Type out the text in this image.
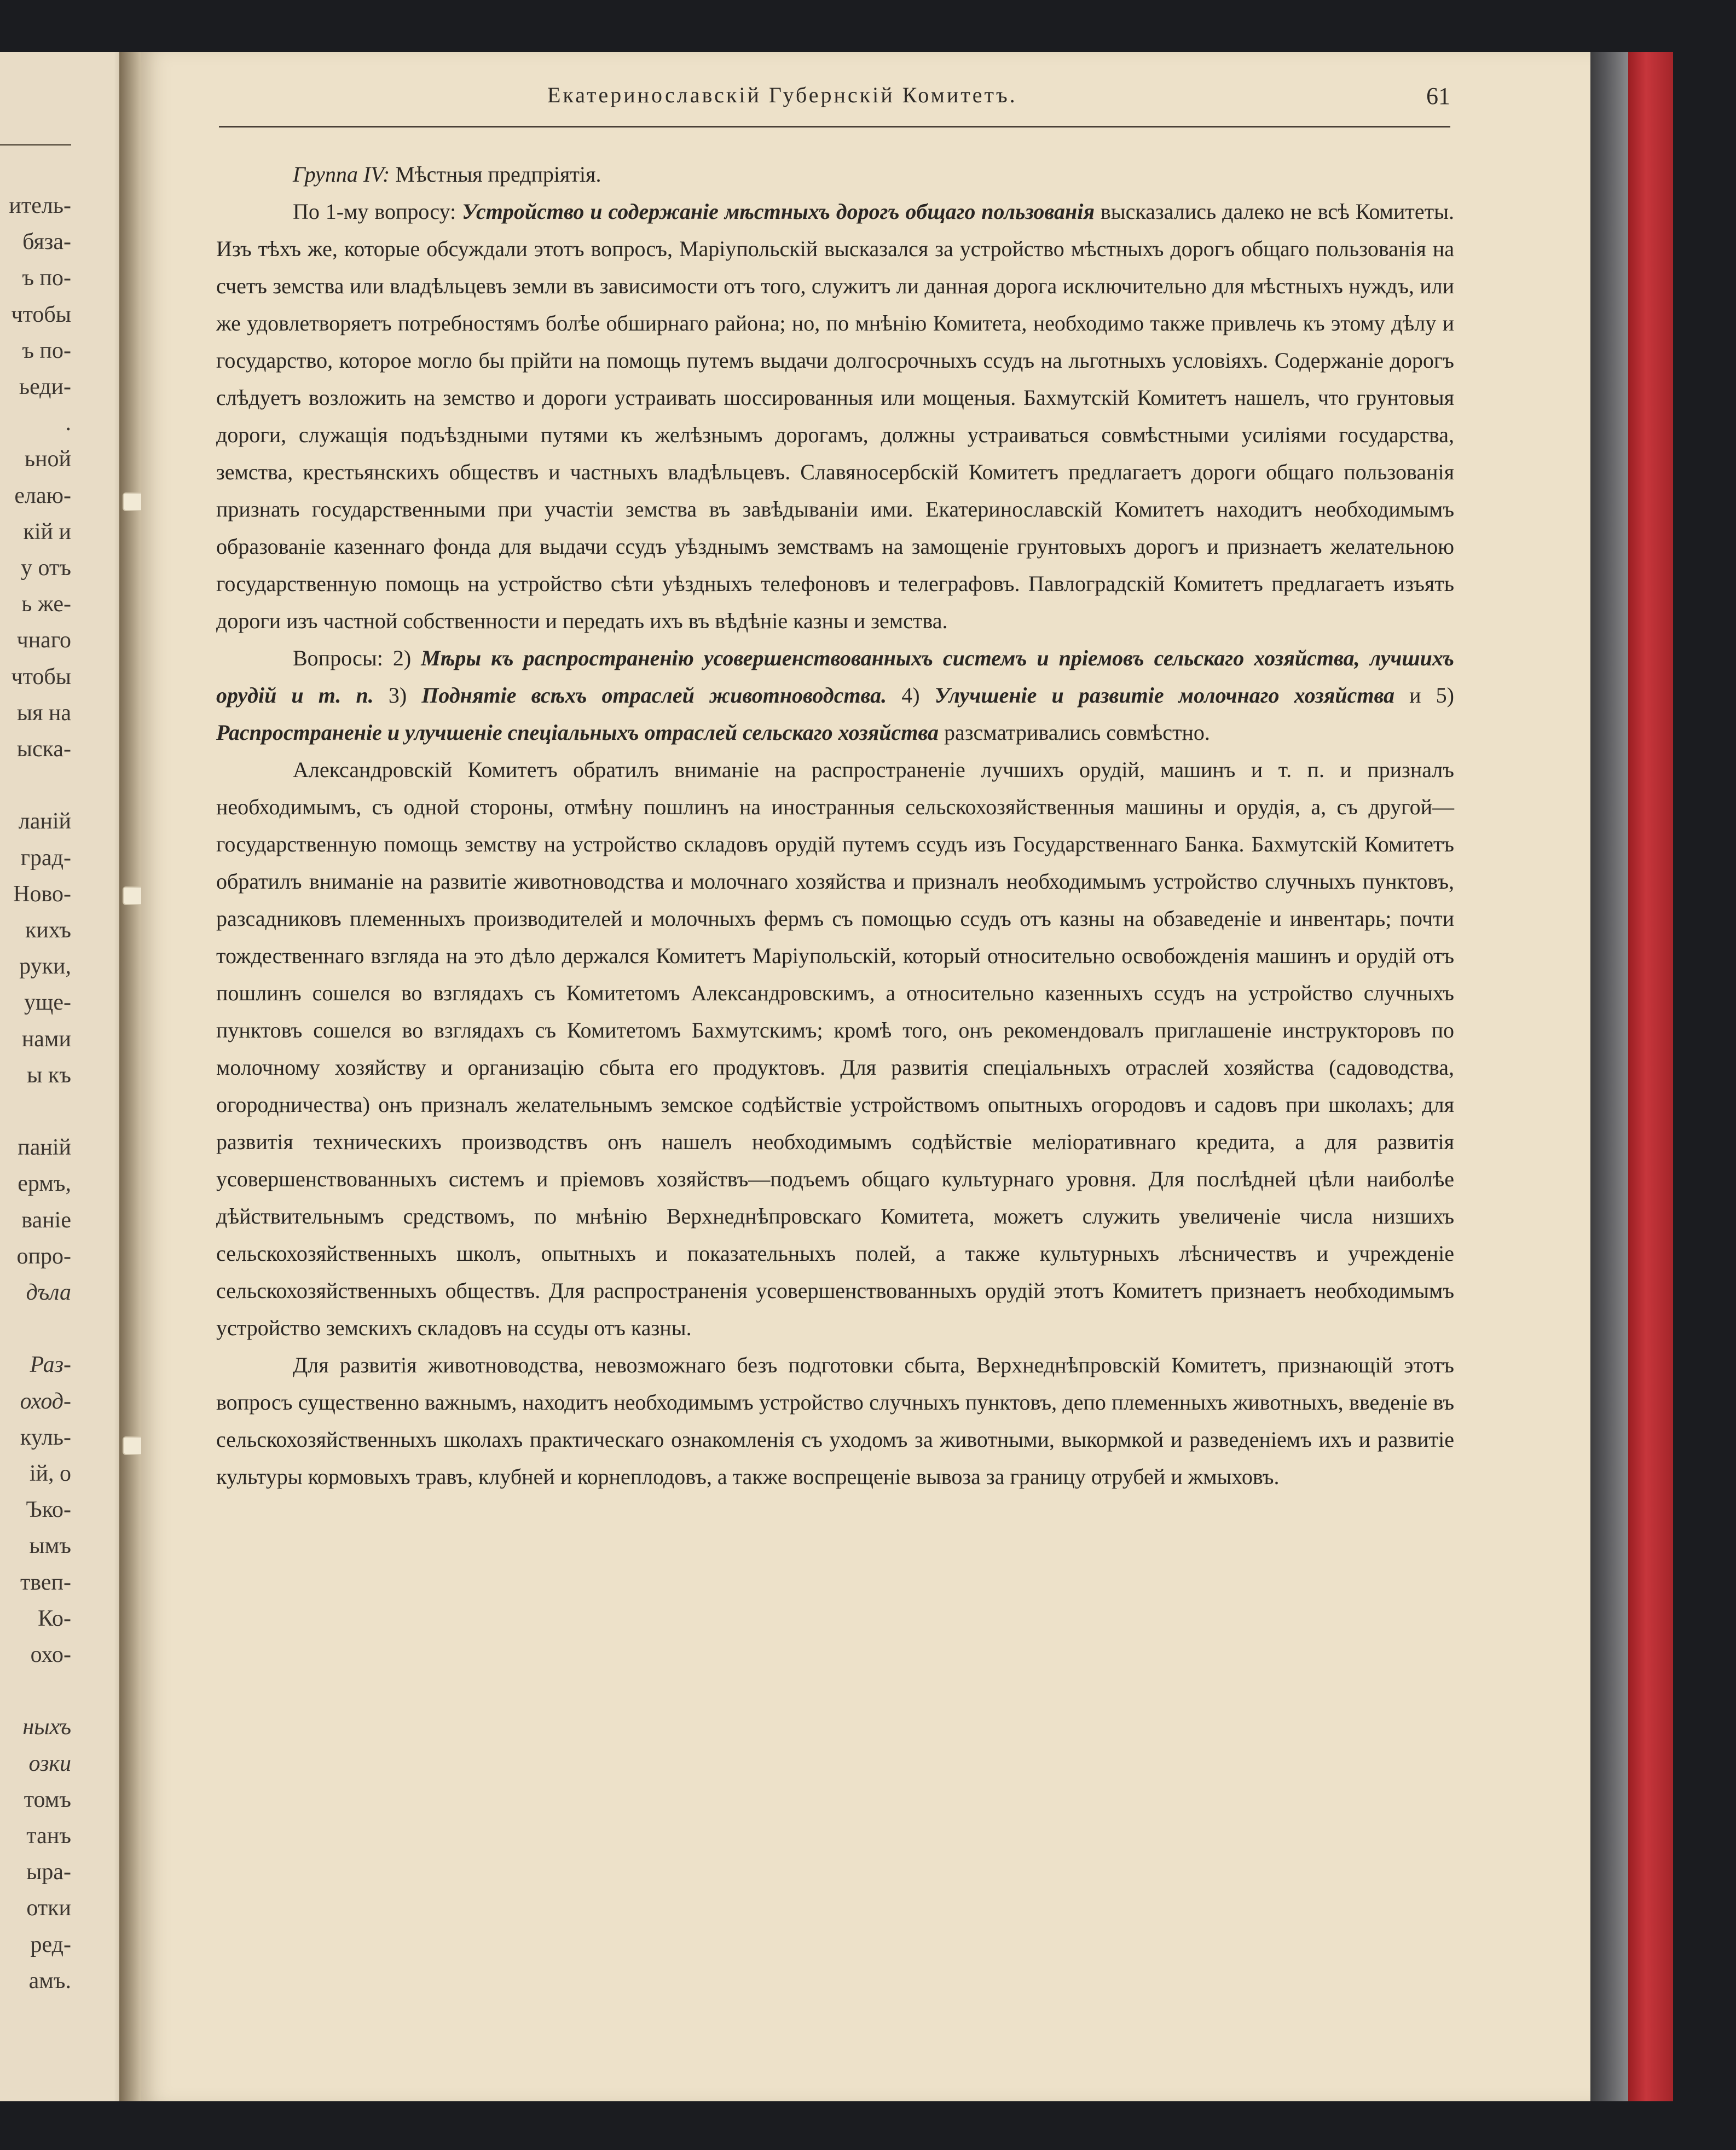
итель-
бяза-
ъ по-
чтобы
ъ по-
ьеди-
.
ьной
елаю-
кій и
у отъ
ь же-
чнаго
чтобы
ыя на
ыска-
ланій
град-
Ново-
кихъ
руки,
уще-
нами
ы къ
паній
ермъ,
ваніе
опро-
дъла
Раз-
оход-
куль-
ій, о
Ъко-
ымъ
твеп-
Ко-
охо-
ныхъ
озки
томъ
танъ
ыра-
отки
ред-
амъ.
Екатеринославскій Губернскій Комитетъ.	61

Группа IV: Мѣстныя предпріятія.

По 1-му вопросу: Устройство и содержаніе мѣстныхъ дорогъ общаго пользованія высказались далеко не всѣ Комитеты. Изъ тѣхъ же, которые обсуждали этотъ вопросъ, Маріупольскій высказался за устройство мѣстныхъ дорогъ общаго пользованія на счетъ земства или владѣльцевъ земли въ зависимости отъ того, служитъ ли данная дорога исключительно для мѣстныхъ нуждъ, или же удовлетворяетъ потребностямъ болѣе обширнаго района; но, по мнѣнію Комитета, необходимо также привлечь къ этому дѣлу и государство, которое могло бы прійти на помощь путемъ выдачи долгосрочныхъ ссудъ на льготныхъ условіяхъ. Содержаніе дорогъ слѣдуетъ возложить на земство и дороги устраивать шоссированныя или мощеныя. Бахмутскій Комитетъ нашелъ, что грунтовыя дороги, служащія подъѣздными путями къ желѣзнымъ дорогамъ, должны устраиваться совмѣстными усиліями государства, земства, крестьянскихъ обществъ и частныхъ владѣльцевъ. Славяносербскій Комитетъ предлагаетъ дороги общаго пользованія признать государственными при участіи земства въ завѣдываніи ими. Екатеринославскій Комитетъ находитъ необходимымъ образованіе казеннаго фонда для выдачи ссудъ уѣзднымъ земствамъ на замощеніе грунтовыхъ дорогъ и признаетъ желательною государственную помощь на устройство сѣти уѣздныхъ телефоновъ и телеграфовъ. Павлоградскій Комитетъ предлагаетъ изъять дороги изъ частной собственности и передать ихъ въ вѣдѣніе казны и земства.

Вопросы: 2) Мѣры къ распространенію усовершенствованныхъ системъ и пріемовъ сельскаго хозяйства, лучшихъ орудій и т. п. 3) Поднятіе всѣхъ отраслей животноводства. 4) Улучшеніе и развитіе молочнаго хозяйства и 5) Распространеніе и улучшеніе спеціальныхъ отраслей сельскаго хозяйства разсматривались совмѣстно.

Александровскій Комитетъ обратилъ вниманіе на распространеніе лучшихъ орудій, машинъ и т. п. и призналъ необходимымъ, съ одной стороны, отмѣну пошлинъ на иностранныя сельскохозяйственныя машины и орудія, а, съ другой—государственную помощь земству на устройство складовъ орудій путемъ ссудъ изъ Государственнаго Банка. Бахмутскій Комитетъ обратилъ вниманіе на развитіе животноводства и молочнаго хозяйства и призналъ необходимымъ устройство случныхъ пунктовъ, разсадниковъ племенныхъ производителей и молочныхъ фермъ съ помощью ссудъ отъ казны на обзаведеніе и инвентарь; почти тождественнаго взгляда на это дѣло держался Комитетъ Маріупольскій, который относительно освобожденія машинъ и орудій отъ пошлинъ сошелся во взглядахъ съ Комитетомъ Александровскимъ, а относительно казенныхъ ссудъ на устройство случныхъ пунктовъ сошелся во взглядахъ съ Комитетомъ Бахмутскимъ; кромѣ того, онъ рекомендовалъ приглашеніе инструкторовъ по молочному хозяйству и организацію сбыта его продуктовъ. Для развитія спеціальныхъ отраслей хозяйства (садоводства, огородничества) онъ призналъ желательнымъ земское содѣйствіе устройствомъ опытныхъ огородовъ и садовъ при школахъ; для развитія техническихъ производствъ онъ нашелъ необходимымъ содѣйствіе меліоративнаго кредита, а для развитія усовершенствованныхъ системъ и пріемовъ хозяйствъ—подъемъ общаго культурнаго уровня. Для послѣдней цѣли наиболѣе дѣйствительнымъ средствомъ, по мнѣнію Верхнеднѣпровскаго Комитета, можетъ служить увеличеніе числа низшихъ сельскохозяйственныхъ школъ, опытныхъ и показательныхъ полей, а также культурныхъ лѣсничествъ и учрежденіе сельскохозяйственныхъ обществъ. Для распространенія усовершенствованныхъ орудій этотъ Комитетъ признаетъ необходимымъ устройство земскихъ складовъ на ссуды отъ казны.

Для развитія животноводства, невозможнаго безъ подготовки сбыта, Верхнеднѣпровскій Комитетъ, признающій этотъ вопросъ существенно важнымъ, находитъ необходимымъ устройство случныхъ пунктовъ, депо племенныхъ животныхъ, введеніе въ сельскохозяйственныхъ школахъ практическаго ознакомленія съ уходомъ за животными, выкормкой и разведеніемъ ихъ и развитіе культуры кормовыхъ травъ, клубней и корнеплодовъ, а также воспрещеніе вывоза за границу отрубей и жмыховъ.
